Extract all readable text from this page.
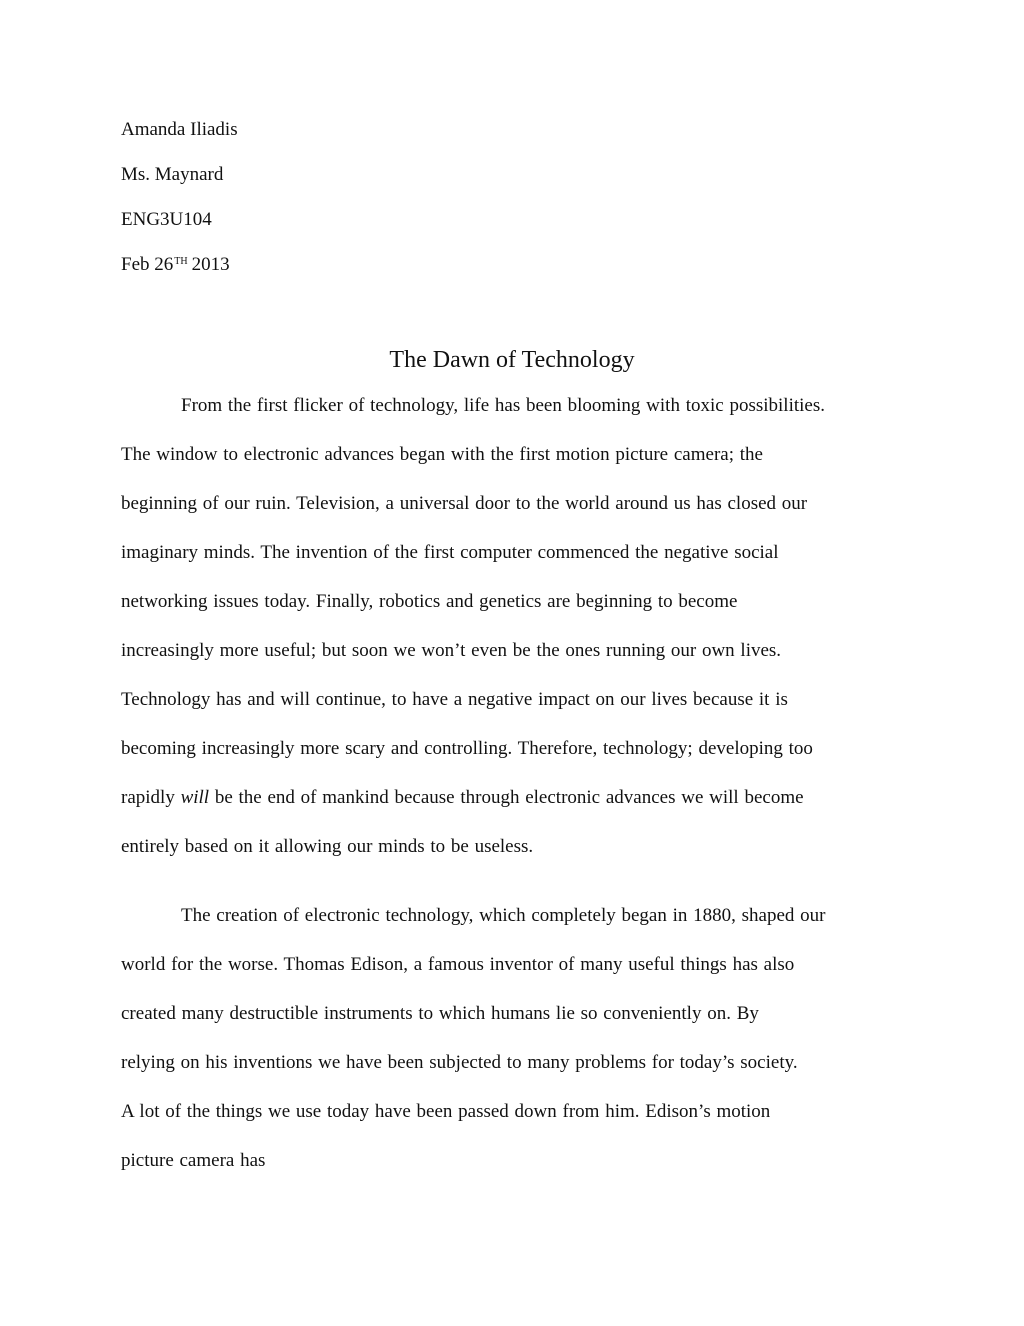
Amanda Iliadis
Ms. Maynard
ENG3U104
Feb 26TH 2013
The Dawn of Technology
From the first flicker of technology, life has been blooming with toxic possibilities.
The window to electronic advances began with the first motion picture camera; the
beginning of our ruin. Television, a universal door to the world around us has closed our
imaginary minds. The invention of the first computer commenced the negative social
networking issues today. Finally, robotics and genetics are beginning to become
increasingly more useful; but soon we won’t even be the ones running our own lives.
Technology has and will continue, to have a negative impact on our lives because it is
becoming increasingly more scary and controlling. Therefore, technology; developing too
rapidly will be the end of mankind because through electronic advances we will become
entirely based on it allowing our minds to be useless.
The creation of electronic technology, which completely began in 1880, shaped our
world for the worse. Thomas Edison, a famous inventor of many useful things has also
created many destructible instruments to which humans lie so conveniently on. By
relying on his inventions we have been subjected to many problems for today’s society.
A lot of the things we use today have been passed down from him. Edison’s motion
picture camera has
